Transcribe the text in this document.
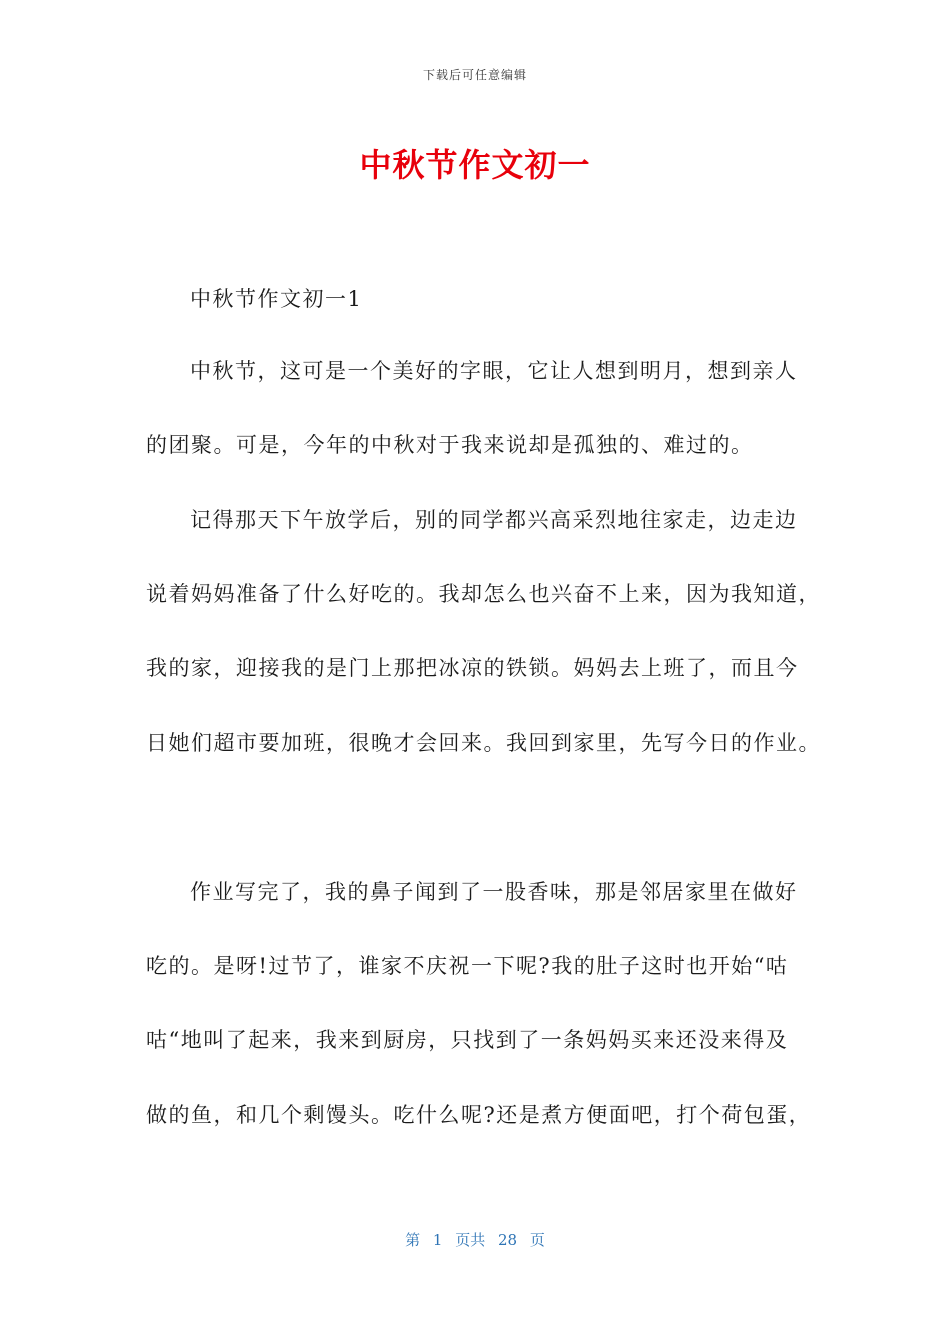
下载后可任意编辑
中秋节作文初一
中秋节作文初一1
中秋节，这可是一个美好的字眼，它让人想到明月，想到亲人
的团聚。可是，今年的中秋对于我来说却是孤独的、难过的。
记得那天下午放学后，别的同学都兴高采烈地往家走，边走边
说着妈妈准备了什么好吃的。我却怎么也兴奋不上来，因为我知道，
我的家，迎接我的是门上那把冰凉的铁锁。妈妈去上班了，而且今
日她们超市要加班，很晚才会回来。我回到家里，先写今日的作业。
作业写完了，我的鼻子闻到了一股香味，那是邻居家里在做好
吃的。是呀!过节了，谁家不庆祝一下呢?我的肚子这时也开始“咕
咕“地叫了起来，我来到厨房，只找到了一条妈妈买来还没来得及
做的鱼，和几个剩馒头。吃什么呢?还是煮方便面吧，打个荷包蛋，
第 1 页共 28 页
